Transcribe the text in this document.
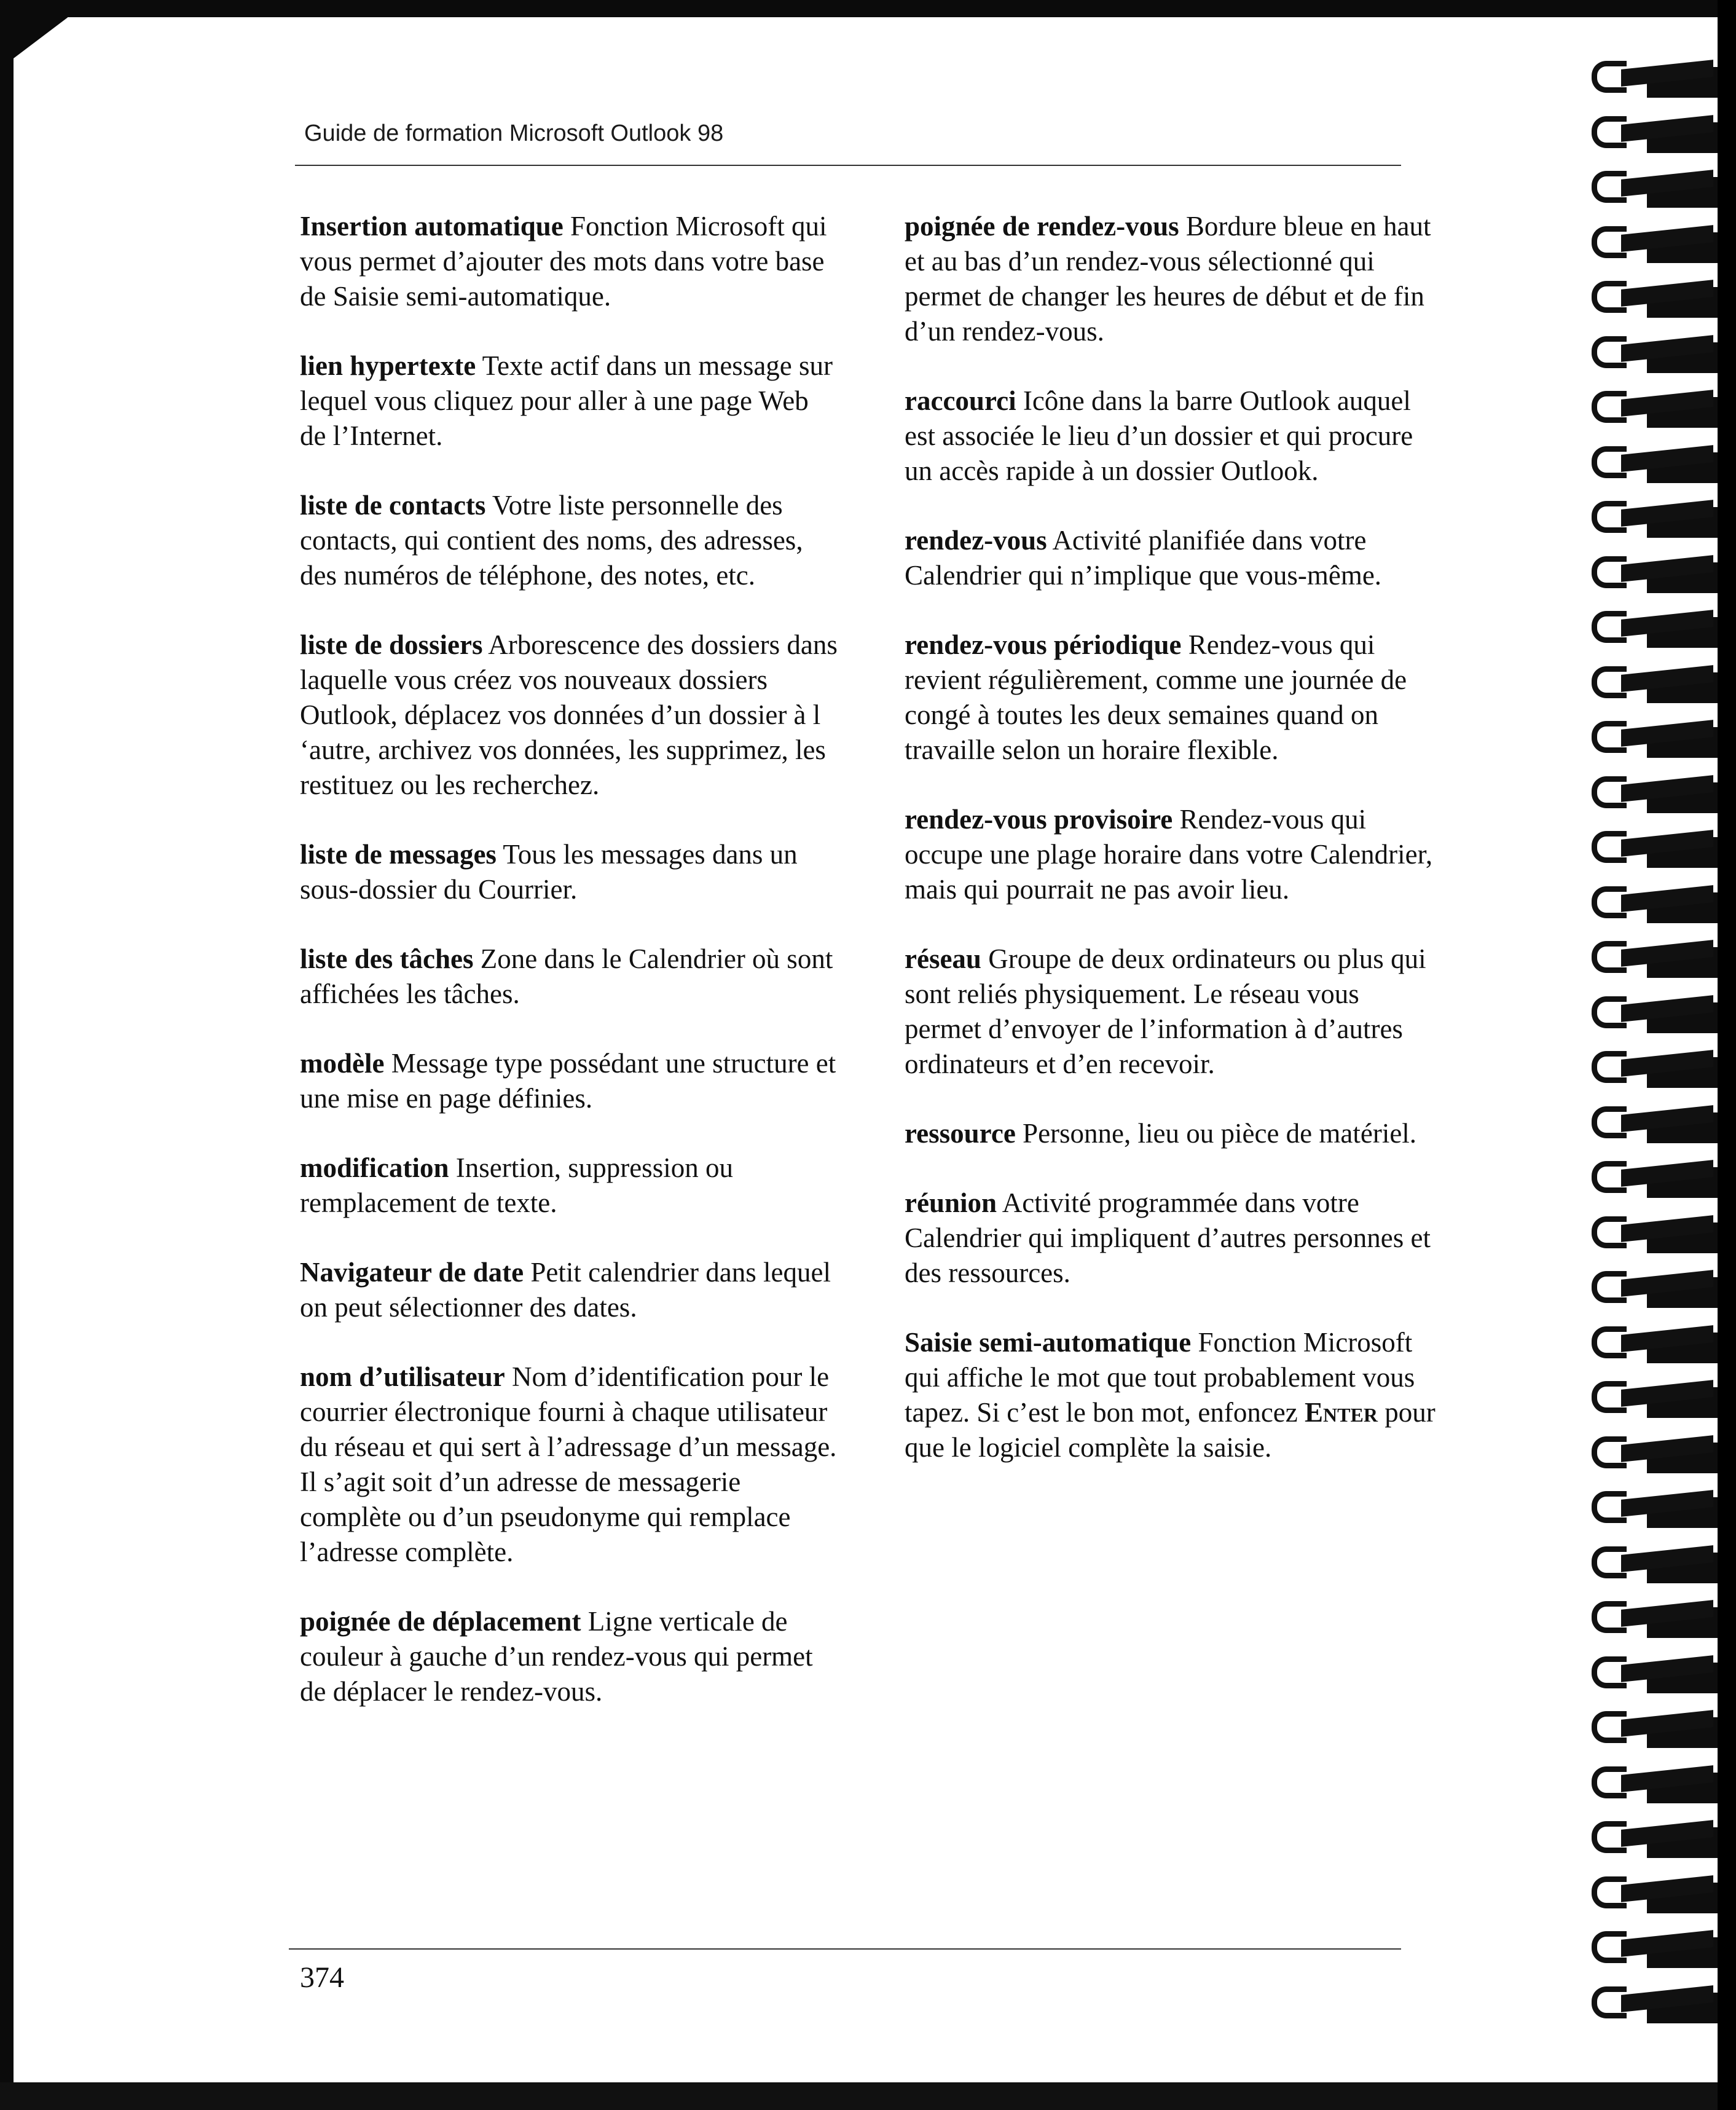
Guide de formation Microsoft Outlook 98

Insertion automatique Fonction Microsoft qui vous permet d’ajouter des mots dans votre base de Saisie semi-automatique.

lien hypertexte Texte actif dans un message sur lequel vous cliquez pour aller à une page Web de l’Internet.

liste de contacts Votre liste personnelle des contacts, qui contient des noms, des adresses, des numéros de téléphone, des notes, etc.

liste de dossiers Arborescence des dossiers dans laquelle vous créez vos nouveaux dossiers Outlook, déplacez vos données d’un dossier à l ‘autre, archivez vos données, les supprimez, les restituez ou les recherchez.

liste de messages Tous les messages dans un sous-dossier du Courrier.

liste des tâches Zone dans le Calendrier où sont affichées les tâches.

modèle Message type possédant une structure et une mise en page définies.

modification Insertion, suppression ou remplacement de texte.

Navigateur de date Petit calendrier dans lequel on peut sélectionner des dates.

nom d’utilisateur Nom d’identification pour le courrier électronique fourni à chaque utilisateur du réseau et qui sert à l’adressage d’un message. Il s’agit soit d’un adresse de messagerie complète ou d’un pseudonyme qui remplace l’adresse complète.

poignée de déplacement Ligne verticale de couleur à gauche d’un rendez-vous qui permet de déplacer le rendez-vous.

poignée de rendez-vous Bordure bleue en haut et au bas d’un rendez-vous sélectionné qui permet de changer les heures de début et de fin d’un rendez-vous.

raccourci Icône dans la barre Outlook auquel est associée le lieu d’un dossier et qui procure un accès rapide à un dossier Outlook.

rendez-vous Activité planifiée dans votre Calendrier qui n’implique que vous-même.

rendez-vous périodique Rendez-vous qui revient régulièrement, comme une journée de congé à toutes les deux semaines quand on travaille selon un horaire flexible.

rendez-vous provisoire Rendez-vous qui occupe une plage horaire dans votre Calendrier, mais qui pourrait ne pas avoir lieu.

réseau Groupe de deux ordinateurs ou plus qui sont reliés physiquement. Le réseau vous permet d’envoyer de l’information à d’autres ordinateurs et d’en recevoir.

ressource Personne, lieu ou pièce de matériel.

réunion Activité programmée dans votre Calendrier qui impliquent d’autres personnes et des ressources.

Saisie semi-automatique Fonction Microsoft qui affiche le mot que tout probablement vous tapez. Si c’est le bon mot, enfoncez Enter pour que le logiciel complète la saisie.

374
